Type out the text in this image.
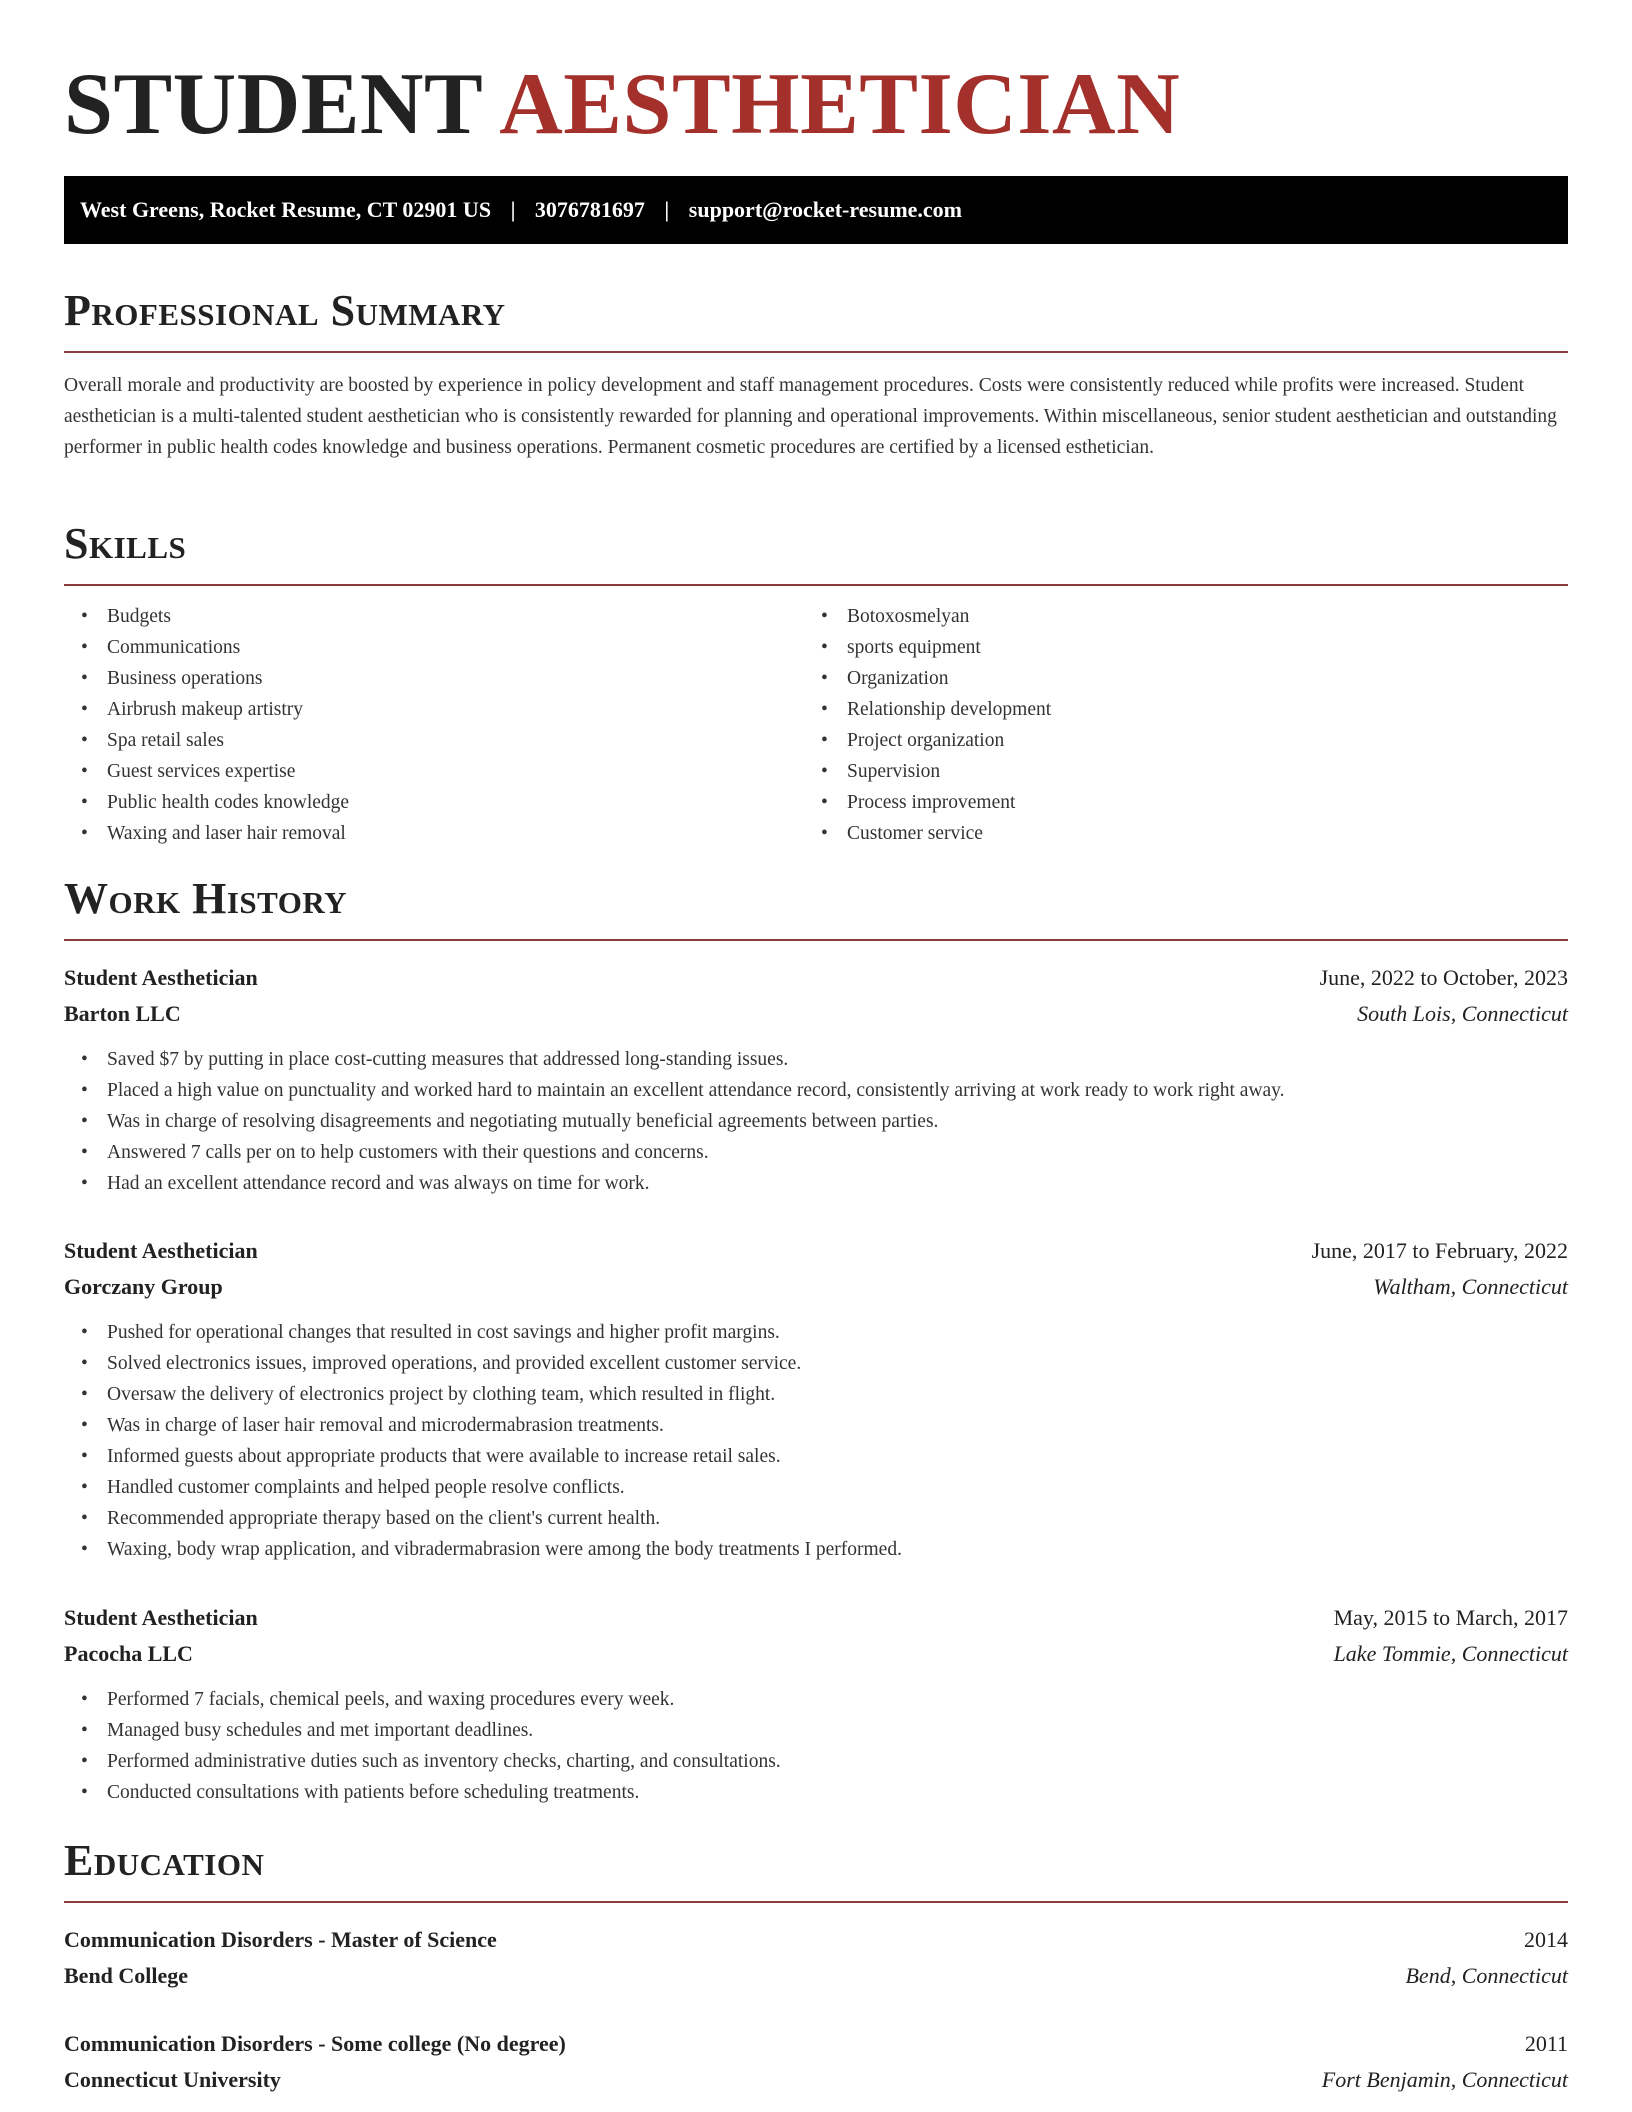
STUDENT AESTHETICIAN
West Greens, Rocket Resume, CT 02901 US | 3076781697 | support@rocket-resume.com
Professional Summary

Overall morale and productivity are boosted by experience in policy development and staff management procedures. Costs were consistently reduced while profits were increased. Student aesthetician is a multi-talented student aesthetician who is consistently rewarded for planning and operational improvements. Within miscellaneous, senior student aesthetician and outstanding performer in public health codes knowledge and business operations. Permanent cosmetic procedures are certified by a licensed esthetician.

Skills
• Budgets
• Communications
• Business operations
• Airbrush makeup artistry
• Spa retail sales
• Guest services expertise
• Public health codes knowledge
• Waxing and laser hair removal
• Botoxosmelyan
• sports equipment
• Organization
• Relationship development
• Project organization
• Supervision
• Process improvement
• Customer service
Work History
Student Aesthetician	June, 2022 to October, 2023
Barton LLC	South Lois, Connecticut
• Saved $7 by putting in place cost-cutting measures that addressed long-standing issues.
• Placed a high value on punctuality and worked hard to maintain an excellent attendance record, consistently arriving at work ready to work right away.
• Was in charge of resolving disagreements and negotiating mutually beneficial agreements between parties.
• Answered 7 calls per on to help customers with their questions and concerns.
• Had an excellent attendance record and was always on time for work.
Student Aesthetician	June, 2017 to February, 2022
Gorczany Group	Waltham, Connecticut
• Pushed for operational changes that resulted in cost savings and higher profit margins.
• Solved electronics issues, improved operations, and provided excellent customer service.
• Oversaw the delivery of electronics project by clothing team, which resulted in flight.
• Was in charge of laser hair removal and microdermabrasion treatments.
• Informed guests about appropriate products that were available to increase retail sales.
• Handled customer complaints and helped people resolve conflicts.
• Recommended appropriate therapy based on the client's current health.
• Waxing, body wrap application, and vibradermabrasion were among the body treatments I performed.
Student Aesthetician	May, 2015 to March, 2017
Pacocha LLC	Lake Tommie, Connecticut
• Performed 7 facials, chemical peels, and waxing procedures every week.
• Managed busy schedules and met important deadlines.
• Performed administrative duties such as inventory checks, charting, and consultations.
• Conducted consultations with patients before scheduling treatments.
Education
Communication Disorders - Master of Science	2014
Bend College	Bend, Connecticut
Communication Disorders - Some college (No degree)	2011
Connecticut University	Fort Benjamin, Connecticut
